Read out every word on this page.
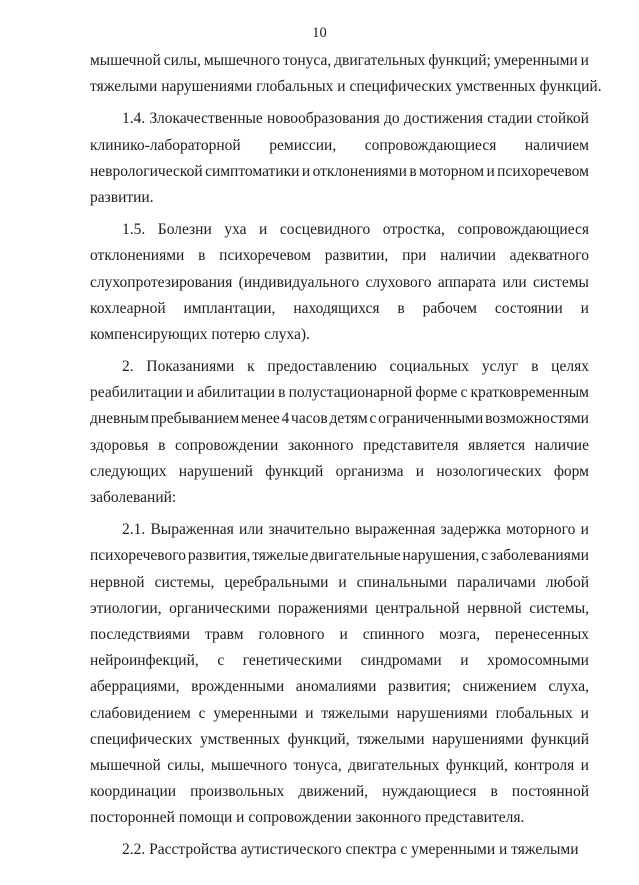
10
мышечной силы, мышечного тонуса, двигательных функций; умеренными и
тяжелыми нарушениями глобальных и специфических умственных функций.
1.4. Злокачественные новообразования до достижения стадии стойкой
клинико-лабораторной ремиссии, сопровождающиеся наличием
неврологической симптоматики и отклонениями в моторном и психоречевом
развитии.
1.5. Болезни уха и сосцевидного отростка, сопровождающиеся
отклонениями в психоречевом развитии, при наличии адекватного
слухопротезирования (индивидуального слухового аппарата или системы
кохлеарной имплантации, находящихся в рабочем состоянии и
компенсирующих потерю слуха).
2. Показаниями к предоставлению социальных услуг в целях
реабилитации и абилитации в полустационарной форме с кратковременным
дневным пребыванием менее 4 часов детям с ограниченными возможностями
здоровья в сопровождении законного представителя является наличие
следующих нарушений функций организма и нозологических форм
заболеваний:
2.1. Выраженная или значительно выраженная задержка моторного и
психоречевого развития, тяжелые двигательные нарушения, с заболеваниями
нервной системы, церебральными и спинальными параличами любой
этиологии, органическими поражениями центральной нервной системы,
последствиями травм головного и спинного мозга, перенесенных
нейроинфекций, с генетическими синдромами и хромосомными
аберрациями, врожденными аномалиями развития; снижением слуха,
слабовидением с умеренными и тяжелыми нарушениями глобальных и
специфических умственных функций, тяжелыми нарушениями функций
мышечной силы, мышечного тонуса, двигательных функций, контроля и
координации произвольных движений, нуждающиеся в постоянной
посторонней помощи и сопровождении законного представителя.
2.2. Расстройства аутистического спектра с умеренными и тяжелыми
